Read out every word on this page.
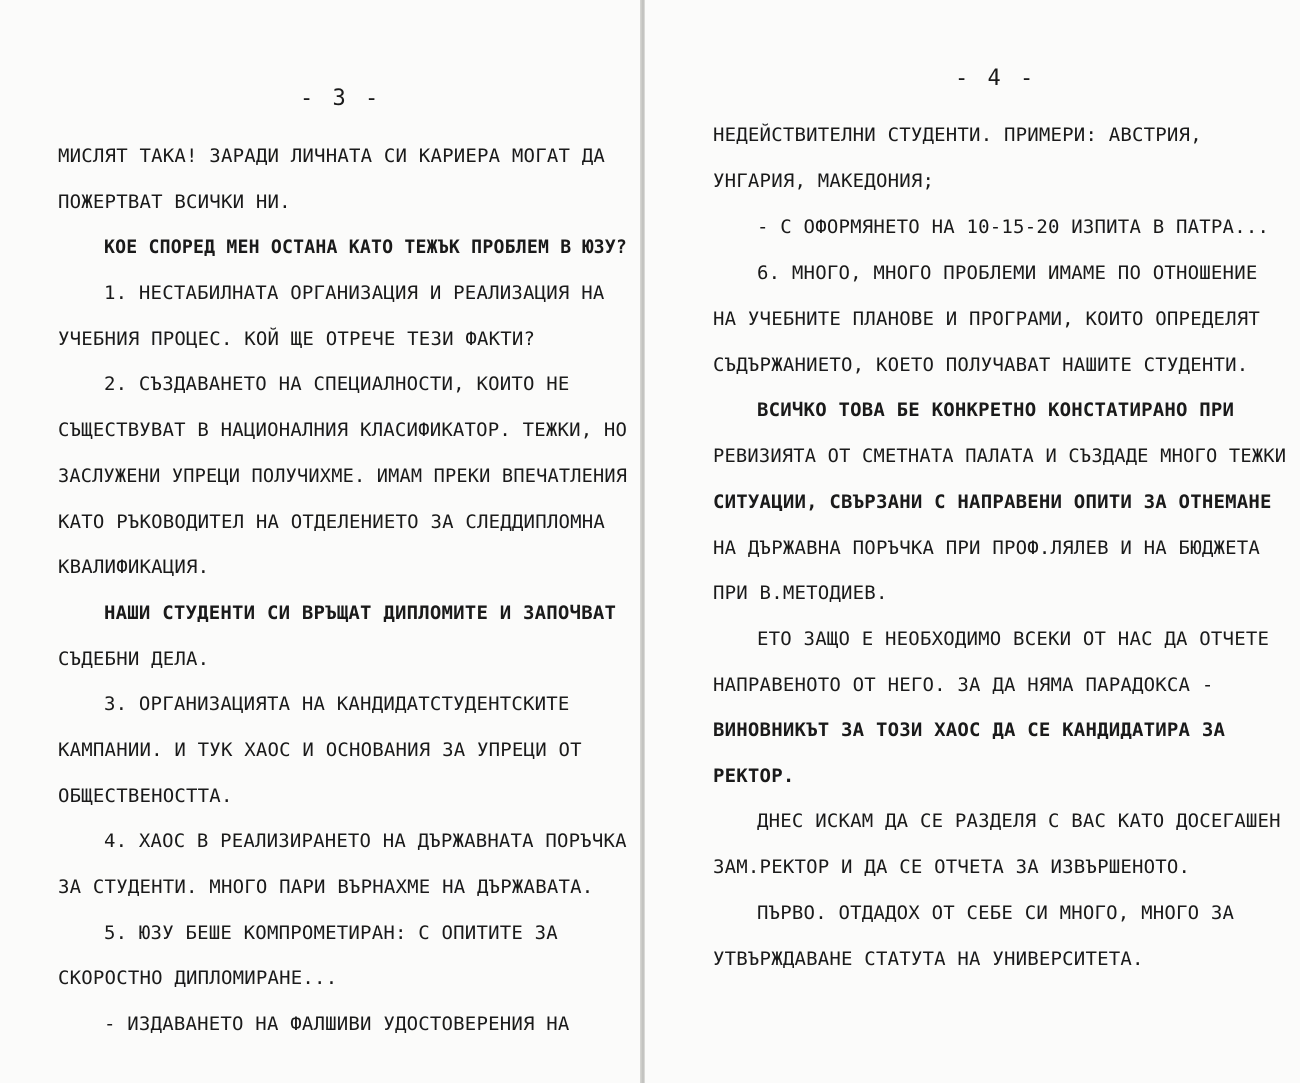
- 3 -
МИСЛЯТ ТАКА! ЗАРАДИ ЛИЧНАТА СИ КАРИЕРА МОГАТ ДА
ПОЖЕРТВАТ ВСИЧКИ НИ.
КОЕ СПОРЕД МЕН ОСТАНА КАТО ТЕЖЪК ПРОБЛЕМ В ЮЗУ?
1. НЕСТАБИЛНАТА ОРГАНИЗАЦИЯ И РЕАЛИЗАЦИЯ НА
УЧЕБНИЯ ПРОЦЕС. КОЙ ЩЕ ОТРЕЧЕ ТЕЗИ ФАКТИ?
2. СЪЗДАВАНЕТО НА СПЕЦИАЛНОСТИ, КОИТО НЕ
СЪЩЕСТВУВАТ В НАЦИОНАЛНИЯ КЛАСИФИКАТОР. ТЕЖКИ, НО
ЗАСЛУЖЕНИ УПРЕЦИ ПОЛУЧИХМЕ. ИМАМ ПРЕКИ ВПЕЧАТЛЕНИЯ
КАТО РЪКОВОДИТЕЛ НА ОТДЕЛЕНИЕТО ЗА СЛЕДДИПЛОМНА
КВАЛИФИКАЦИЯ.
НАШИ СТУДЕНТИ СИ ВРЪЩАТ ДИПЛОМИТЕ И ЗАПОЧВАТ
СЪДЕБНИ ДЕЛА.
3. ОРГАНИЗАЦИЯТА НА КАНДИДАТСТУДЕНТСКИТЕ
КАМПАНИИ. И ТУК ХАОС И ОСНОВАНИЯ ЗА УПРЕЦИ ОТ
ОБЩЕСТВЕНОСТТА.
4. ХАОС В РЕАЛИЗИРАНЕТО НА ДЪРЖАВНАТА ПОРЪЧКА
ЗА СТУДЕНТИ. МНОГО ПАРИ ВЪРНАХМЕ НА ДЪРЖАВАТА.
5. ЮЗУ БЕШЕ КОМПРОМЕТИРАН: С ОПИТИТЕ ЗА
СКОРОСТНО ДИПЛОМИРАНЕ...
- ИЗДАВАНЕТО НА ФАЛШИВИ УДОСТОВЕРЕНИЯ НА
- 4 -
НЕДЕЙСТВИТЕЛНИ СТУДЕНТИ. ПРИМЕРИ: АВСТРИЯ,
УНГАРИЯ, МАКЕДОНИЯ;
- С ОФОРМЯНЕТО НА 10-15-20 ИЗПИТА В ПАТРА...
6. МНОГО, МНОГО ПРОБЛЕМИ ИМАМЕ ПО ОТНОШЕНИЕ
НА УЧЕБНИТЕ ПЛАНОВЕ И ПРОГРАМИ, КОИТО ОПРЕДЕЛЯТ
СЪДЪРЖАНИЕТО, КОЕТО ПОЛУЧАВАТ НАШИТЕ СТУДЕНТИ.
ВСИЧКО ТОВА БЕ КОНКРЕТНО КОНСТАТИРАНО ПРИ
РЕВИЗИЯТА ОТ СМЕТНАТА ПАЛАТА И СЪЗДАДЕ МНОГО ТЕЖКИ
СИТУАЦИИ, СВЪРЗАНИ С НАПРАВЕНИ ОПИТИ ЗА ОТНЕМАНЕ
НА ДЪРЖАВНА ПОРЪЧКА ПРИ ПРОФ.ЛЯЛЕВ И НА БЮДЖЕТА
ПРИ В.МЕТОДИЕВ.
ЕТО ЗАЩО Е НЕОБХОДИМО ВСЕКИ ОТ НАС ДА ОТЧЕТЕ
НАПРАВЕНОТО ОТ НЕГО. ЗА ДА НЯМА ПАРАДОКСА -
ВИНОВНИКЪТ ЗА ТОЗИ ХАОС ДА СЕ КАНДИДАТИРА ЗА
РЕКТОР.
ДНЕС ИСКАМ ДА СЕ РАЗДЕЛЯ С ВАС КАТО ДОСЕГАШЕН
ЗАМ.РЕКТОР И ДА СЕ ОТЧЕТА ЗА ИЗВЪРШЕНОТО.
ПЪРВО. ОТДАДОХ ОТ СЕБЕ СИ МНОГО, МНОГО ЗА
УТВЪРЖДАВАНЕ СТАТУТА НА УНИВЕРСИТЕТА.
